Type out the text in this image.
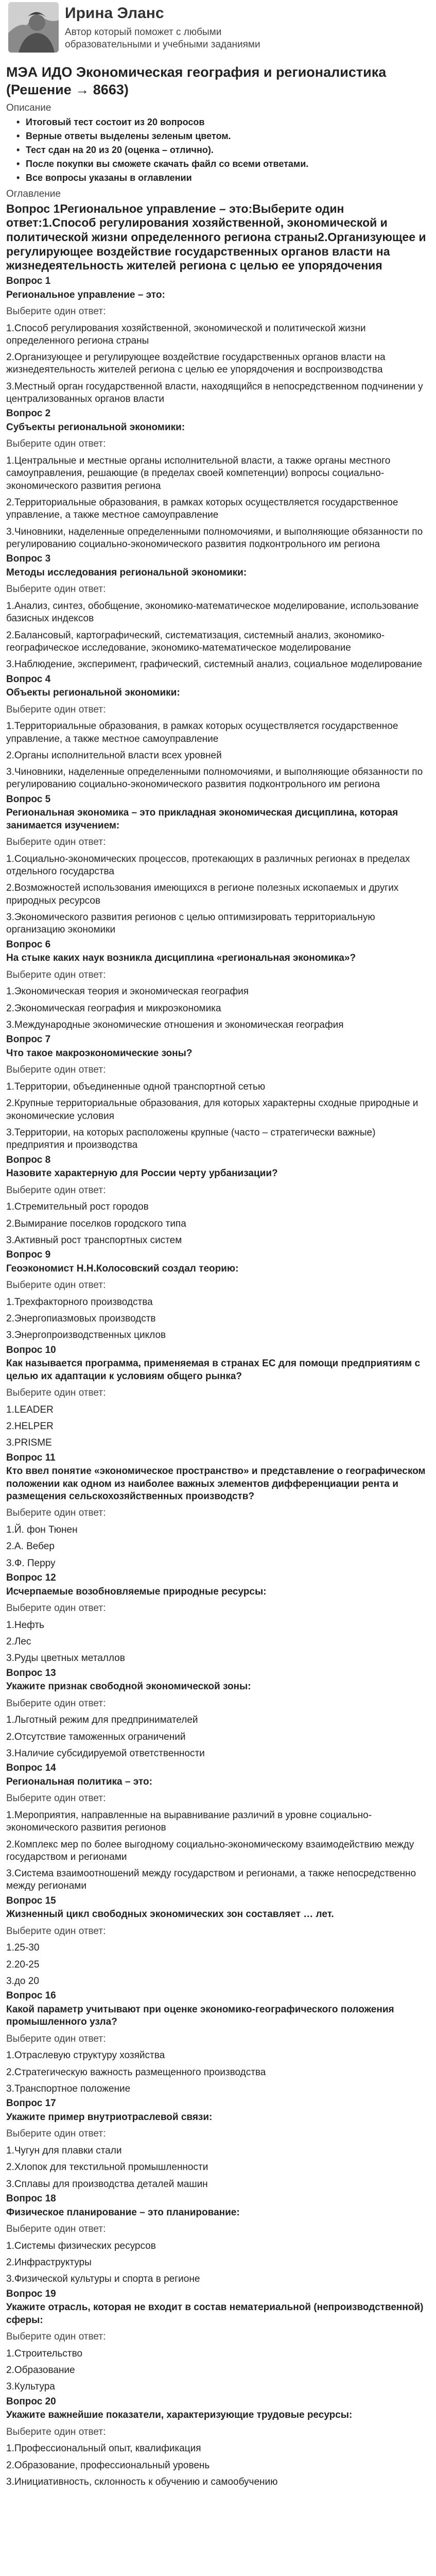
Ирина Эланс
Автор который поможет с любыми образовательными и учебными заданиями
МЭА ИДО Экономическая география и регионалистика (Решение → 8663)
Описание
• Итоговый тест состоит из 20 вопросов
• Верные ответы выделены зеленым цветом.
• Тест сдан на 20 из 20 (оценка – отлично).
• После покупки вы сможете скачать файл со всеми ответами.
• Все вопросы указаны в оглавлении
Оглавление
Вопрос 1Региональное управление – это:Выберите один ответ:1.Способ регулирования хозяйственной, экономической и политической жизни определенного региона страны2.Организующее и регулирующее воздействие государственных органов власти на жизнедеятельность жителей региона с целью ее упорядочения
Вопрос 1
Региональное управление – это:
Выберите один ответ:
1.Способ регулирования хозяйственной, экономической и политической жизни определенного региона страны
2.Организующее и регулирующее воздействие государственных органов власти на жизнедеятельность жителей региона с целью ее упорядочения и воспроизводства
3.Местный орган государственной власти, находящийся в непосредственном подчинении у централизованных органов власти
Вопрос 2
Субъекты региональной экономики:
Выберите один ответ:
1.Центральные и местные органы исполнительной власти, а также органы местного самоуправления, решающие (в пределах своей компетенции) вопросы социально-экономического развития региона
2.Территориальные образования, в рамках которых осуществляется государственное управление, а также местное самоуправление
3.Чиновники, наделенные определенными полномочиями, и выполняющие обязанности по регулированию социально-экономического развития подконтрольного им региона
Вопрос 3
Методы исследования региональной экономики:
Выберите один ответ:
1.Анализ, синтез, обобщение, экономико-математическое моделирование, использование базисных индексов
2.Балансовый, картографический, систематизация, системный анализ, экономико-географическое исследование, экономико-математическое моделирование
3.Наблюдение, эксперимент, графический, системный анализ, социальное моделирование
Вопрос 4
Объекты региональной экономики:
Выберите один ответ:
1.Территориальные образования, в рамках которых осуществляется государственное управление, а также местное самоуправление
2.Органы исполнительной власти всех уровней
3.Чиновники, наделенные определенными полномочиями, и выполняющие обязанности по регулированию социально-экономического развития подконтрольного им региона
Вопрос 5
Региональная экономика – это прикладная экономическая дисциплина, которая занимается изучением:
Выберите один ответ:
1.Социально-экономических процессов, протекающих в различных регионах в пределах отдельного государства
2.Возможностей использования имеющихся в регионе полезных ископаемых и других природных ресурсов
3.Экономического развития регионов с целью оптимизировать территориальную организацию экономики
Вопрос 6
На стыке каких наук возникла дисциплина «региональная экономика»?
Выберите один ответ:
1.Экономическая теория и экономическая география
2.Экономическая география и микроэкономика
3.Международные экономические отношения и экономическая география
Вопрос 7
Что такое макроэкономические зоны?
Выберите один ответ:
1.Территории, объединенные одной транспортной сетью
2.Крупные территориальные образования, для которых характерны сходные природные и экономические условия
3.Территории, на которых расположены крупные (часто – стратегически важные) предприятия и производства
Вопрос 8
Назовите характерную для России черту урбанизации?
Выберите один ответ:
1.Стремительный рост городов
2.Вымирание поселков городского типа
3.Активный рост транспортных систем
Вопрос 9
Геоэкономист Н.Н.Колосовский создал теорию:
Выберите один ответ:
1.Трехфакторного производства
2.Энергопиазмовых производств
3.Энергопроизводственных циклов
Вопрос 10
Как называется программа, применяемая в странах ЕС для помощи предприятиям с целью их адаптации к условиям общего рынка?
Выберите один ответ:
1.LEADER
2.HELPER
3.PRISME
Вопрос 11
Кто ввел понятие «экономическое пространство» и представление о географическом положении как одном из наиболее важных элементов дифференциации рента и размещения сельскохозяйственных производств?
Выберите один ответ:
1.Й. фон Тюнен
2.А. Вебер
3.Ф. Перру
Вопрос 12
Исчерпаемые возобновляемые природные ресурсы:
Выберите один ответ:
1.Нефть
2.Лес
3.Руды цветных металлов
Вопрос 13
Укажите признак свободной экономической зоны:
Выберите один ответ:
1.Льготный режим для предпринимателей
2.Отсутствие таможенных ограничений
3.Наличие субсидируемой ответственности
Вопрос 14
Региональная политика – это:
Выберите один ответ:
1.Мероприятия, направленные на выравнивание различий в уровне социально-экономического развития регионов
2.Комплекс мер по более выгодному социально-экономическому взаимодействию между государством и регионами
3.Система взаимоотношений между государством и регионами, а также непосредственно между регионами
Вопрос 15
Жизненный цикл свободных экономических зон составляет … лет.
Выберите один ответ:
1.25-30
2.20-25
3.до 20
Вопрос 16
Какой параметр учитывают при оценке экономико-географического положения промышленного узла?
Выберите один ответ:
1.Отраслевую структуру хозяйства
2.Стратегическую важность размещенного производства
3.Транспортное положение
Вопрос 17
Укажите пример внутриотраслевой связи:
Выберите один ответ:
1.Чугун для плавки стали
2.Хлопок для текстильной промышленности
3.Сплавы для производства деталей машин
Вопрос 18
Физическое планирование – это планирование:
Выберите один ответ:
1.Системы физических ресурсов
2.Инфраструктуры
3.Физической культуры и спорта в регионе
Вопрос 19
Укажите отрасль, которая не входит в состав нематериальной (непроизводственной) сферы:
Выберите один ответ:
1.Строительство
2.Образование
3.Культура
Вопрос 20
Укажите важнейшие показатели, характеризующие трудовые ресурсы:
Выберите один ответ:
1.Профессиональный опыт, квалификация
2.Образование, профессиональный уровень
3.Инициативность, склонность к обучению и самообучению
